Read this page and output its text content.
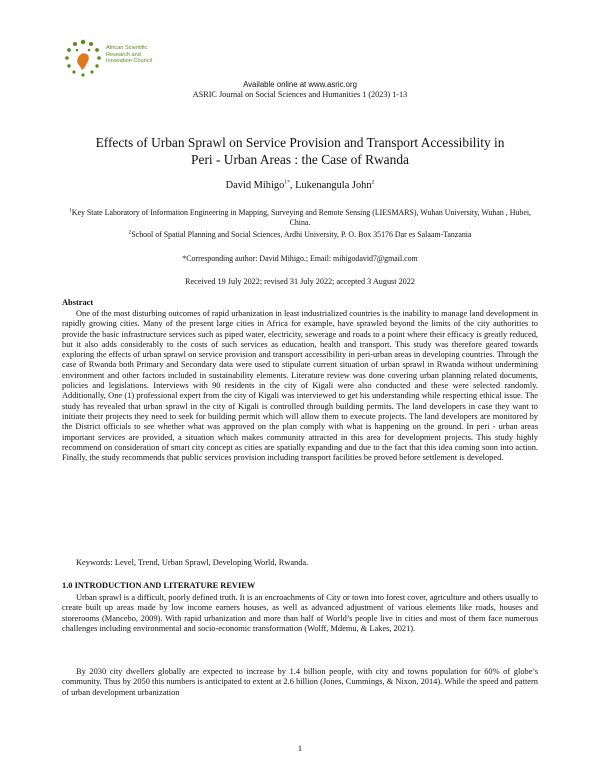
African Scientific
Research and
Innovation Council
Available online at www.asric.org
ASRIC Journal on Social Sciences and Humanities 1 (2023) 1-13
Effects of Urban Sprawl on Service Provision and Transport Accessibility in
Peri - Urban Areas : the Case of Rwanda
David Mihigo$^{1*}$, Lukenangula John$^2$
$^1$Key State Laboratory of Information Engineering in Mapping, Surveying and Remote Sensing (LIESMARS), Wuhan University, Wuhan , Hubei, China.
$^2$School of Spatial Planning and Social Sciences, Ardhi University, P. O. Box 35176 Dar es Salaam-Tanzania
*Corresponding author: David Mihigo.; Email: mihigodavid7@gmail.com
Received 19 July 2022; revised 31 July 2022; accepted 3 August 2022
Abstract
One of the most disturbing outcomes of rapid urbanization in least industrialized countries is the inability to manage land development in rapidly growing cities. Many of the present large cities in Africa for example, have sprawled beyond the limits of the city authorities to provide the basic infrastructure services such as piped water, electricity, sewerage and roads to a point where their efficacy is greatly reduced, but it also adds considerably to the costs of such services as education, health and transport. This study was therefore geared towards exploring the effects of urban sprawl on service provision and transport accessibility in peri-urban areas in developing countries. Through the case of Rwanda both Primary and Secondary data were used to stipulate current situation of urban sprawl in Rwanda without undermining environment and other factors included in sustainability elements. Literature review was done covering urban planning related documents, policies and legislations. Interviews with 90 residents in the city of Kigali were also conducted and these were selected randomly. Additionally, One (1) professional expert from the city of Kigali was interviewed to get his understanding while respecting ethical issue. The study has revealed that urban sprawl in the city of Kigali is controlled through building permits. The land developers in case they want to initiate their projects they need to seek for building permit which will allow them to execute projects. The land developers are monitored by the District officials to see whether what was approved on the plan comply with what is happening on the ground. In peri - urban areas important services are provided, a situation which makes community attracted in this area for development projects. This study highly recommend on consideration of smart city concept as cities are spatially expanding and due to the fact that this idea coming soon into action. Finally, the study recommends that public services provision including transport facilities be proved before settlement is developed.
Keywords: Level, Trend, Urban Sprawl, Developing World, Rwanda.
1.0 INTRODUCTION AND LITERATURE REVIEW
Urban sprawl is a difficult, poorly defined truth. It is an encroachments of City or town into forest cover, agriculture and others usually to create built up areas made by low income earners houses, as well as advanced adjustment of various elements like roads, houses and storerooms (Mancebo, 2009). With rapid urbanization and more than half of World’s people live in cities and most of them face numerous challenges including environmental and socio-economic transformation (Wolff, Mdemu, & Lakes, 2021).
By 2030 city dwellers globally are expected to increase by 1.4 billion people, with city and towns population for 60% of globe’s community. Thus by 2050 this numbers is anticipated to extent at 2.6 billion (Jones, Cummings, & Nixon, 2014). While the speed and pattern of urban development urbanization
1
